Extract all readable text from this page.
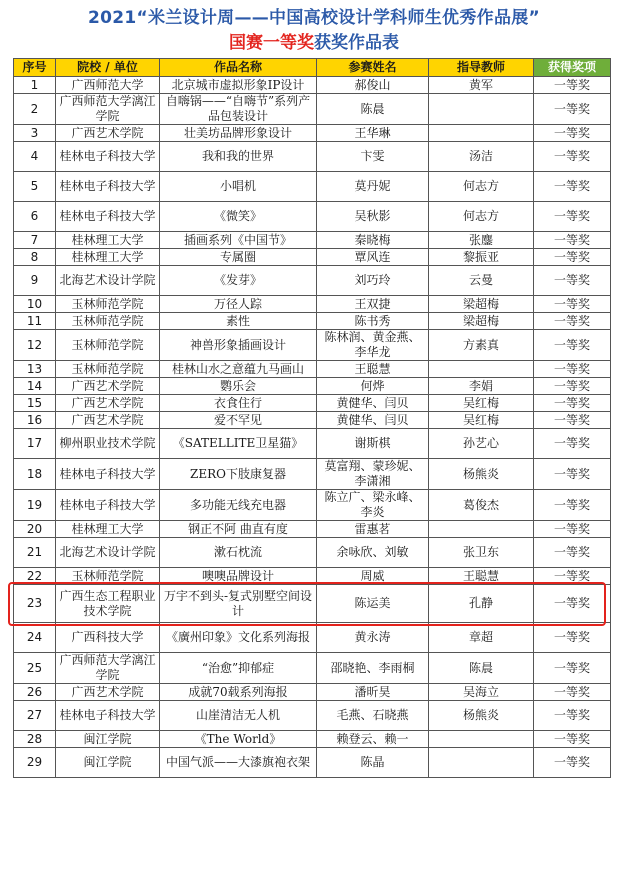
2021“米兰设计周——中国高校设计学科师生优秀作品展”
国赛一等奖获奖作品表
序号	院校 / 单位	作品名称	参赛姓名	指导教师	获得奖项
1	广西师范大学	北京城市虚拟形象IP设计	郝俊山	黄军	一等奖
2	广西师范大学漓江学院	自嗨锅——“自嗨节”系列产品包装设计	陈晨		一等奖
3	广西艺术学院	壮美坊品牌形象设计	王华琳		一等奖
4	桂林电子科技大学	我和我的世界	卞雯	汤洁	一等奖
5	桂林电子科技大学	小唱机	莫丹妮	何志方	一等奖
6	桂林电子科技大学	《微笑》	吴秋影	何志方	一等奖
7	桂林理工大学	插画系列《中国节》	秦晓梅	张鏖	一等奖
8	桂林理工大学	专属圈	覃风连	黎振亚	一等奖
9	北海艺术设计学院	《发芽》	刘巧玲	云曼	一等奖
10	玉林师范学院	万径人踪	王双捷	梁超梅	一等奖
11	玉林师范学院	素性	陈书秀	梁超梅	一等奖
12	玉林师范学院	神兽形象插画设计	陈林润、黄金燕、李华龙	方素真	一等奖
13	玉林师范学院	桂林山水之意蕴九马画山	王聪慧		一等奖
14	广西艺术学院	鹦乐会	何烨	李娟	一等奖
15	广西艺术学院	衣食住行	黄健华、闫贝	吴红梅	一等奖
16	广西艺术学院	爱不罕见	黄健华、闫贝	吴红梅	一等奖
17	柳州职业技术学院	《SATELLITE卫星猫》	谢斯棋	孙艺心	一等奖
18	桂林电子科技大学	ZERO下肢康复器	莫富翔、蒙珍妮、李潇湘	杨熊炎	一等奖
19	桂林电子科技大学	多功能无线充电器	陈立广、梁永峰、李炎	葛俊杰	一等奖
20	桂林理工大学	钢正不阿 曲直有度	雷惠茗		一等奖
21	北海艺术设计学院	漱石枕流	余咏欣、刘敏	张卫东	一等奖
22	玉林师范学院	噢噢品牌设计	周威	王聪慧	一等奖
23	广西生态工程职业技术学院	万宇不到头-复式别墅空间设计	陈运美	孔静	一等奖
24	广西科技大学	《廣州印象》文化系列海报	黄永涛	章超	一等奖
25	广西师范大学漓江学院	“治愈”抑郁症	邵晓艳、李雨桐	陈晨	一等奖
26	广西艺术学院	成就70载系列海报	潘昕昊	吴海立	一等奖
27	桂林电子科技大学	山崖清洁无人机	毛燕、石晓燕	杨熊炎	一等奖
28	闽江学院	《The World》	赖登云、赖一		一等奖
29	闽江学院	中国气派——大漆旗袍衣架	陈晶		一等奖
